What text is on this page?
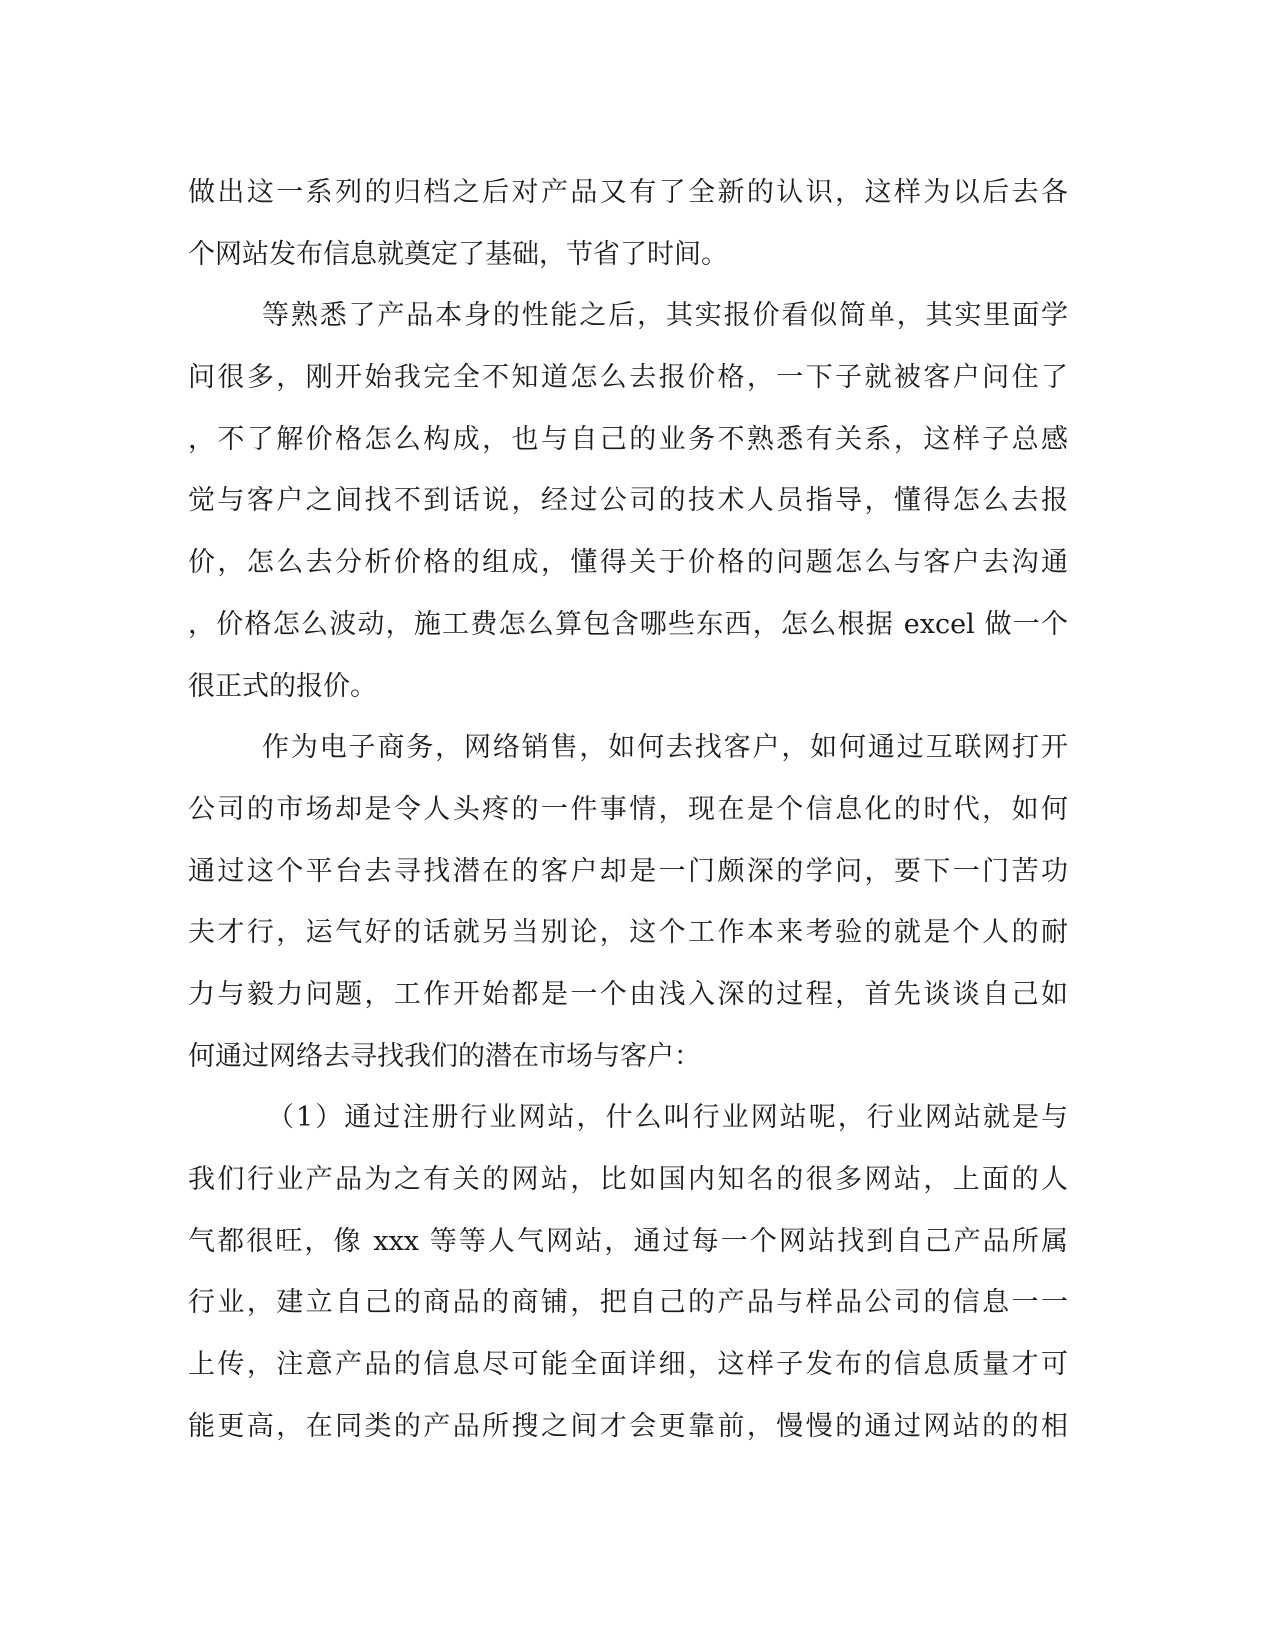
做出这一系列的归档之后对产品又有了全新的认识，这样为以后去各
个网站发布信息就奠定了基础，节省了时间。
等熟悉了产品本身的性能之后，其实报价看似简单，其实里面学
问很多，刚开始我完全不知道怎么去报价格，一下子就被客户问住了
，不了解价格怎么构成，也与自己的业务不熟悉有关系，这样子总感
觉与客户之间找不到话说，经过公司的技术人员指导，懂得怎么去报
价，怎么去分析价格的组成，懂得关于价格的问题怎么与客户去沟通
，价格怎么波动，施工费怎么算包含哪些东西，怎么根据 excel 做一个
很正式的报价。
作为电子商务，网络销售，如何去找客户，如何通过互联网打开
公司的市场却是令人头疼的一件事情，现在是个信息化的时代，如何
通过这个平台去寻找潜在的客户却是一门颇深的学问，要下一门苦功
夫才行，运气好的话就另当别论，这个工作本来考验的就是个人的耐
力与毅力问题，工作开始都是一个由浅入深的过程，首先谈谈自己如
何通过网络去寻找我们的潜在市场与客户：
（1）通过注册行业网站，什么叫行业网站呢，行业网站就是与
我们行业产品为之有关的网站，比如国内知名的很多网站，上面的人
气都很旺，像 xxx 等等人气网站，通过每一个网站找到自己产品所属
行业，建立自己的商品的商铺，把自己的产品与样品公司的信息一一
上传，注意产品的信息尽可能全面详细，这样子发布的信息质量才可
能更高，在同类的产品所搜之间才会更靠前，慢慢的通过网站的的相
